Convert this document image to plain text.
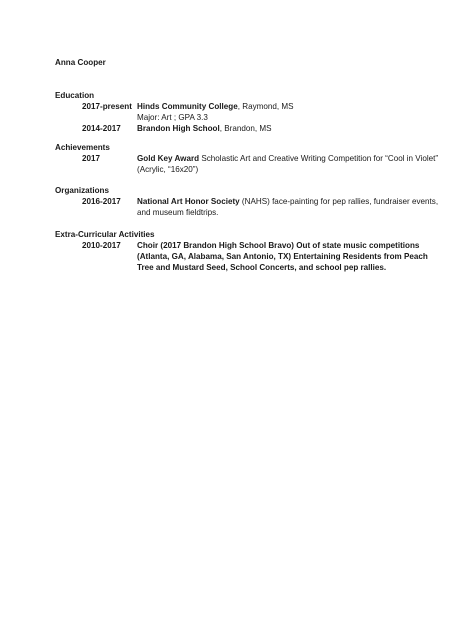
Anna Cooper
Education
2017-present Hinds Community College, Raymond, MS
Major: Art ; GPA 3.3
2014-2017	Brandon High School, Brandon, MS
Achievements
2017	Gold Key Award Scholastic Art and Creative Writing Competition for “Cool in Violet” (Acrylic, “16x20”)
Organizations
2016-2017	National Art Honor Society (NAHS) face-painting for pep rallies, fundraiser events, and museum fieldtrips.
Extra-Curricular Activities
2010-2017	Choir (2017 Brandon High School Bravo) Out of state music competitions (Atlanta, GA, Alabama, San Antonio, TX) Entertaining Residents from Peach Tree and Mustard Seed, School Concerts, and school pep rallies.
